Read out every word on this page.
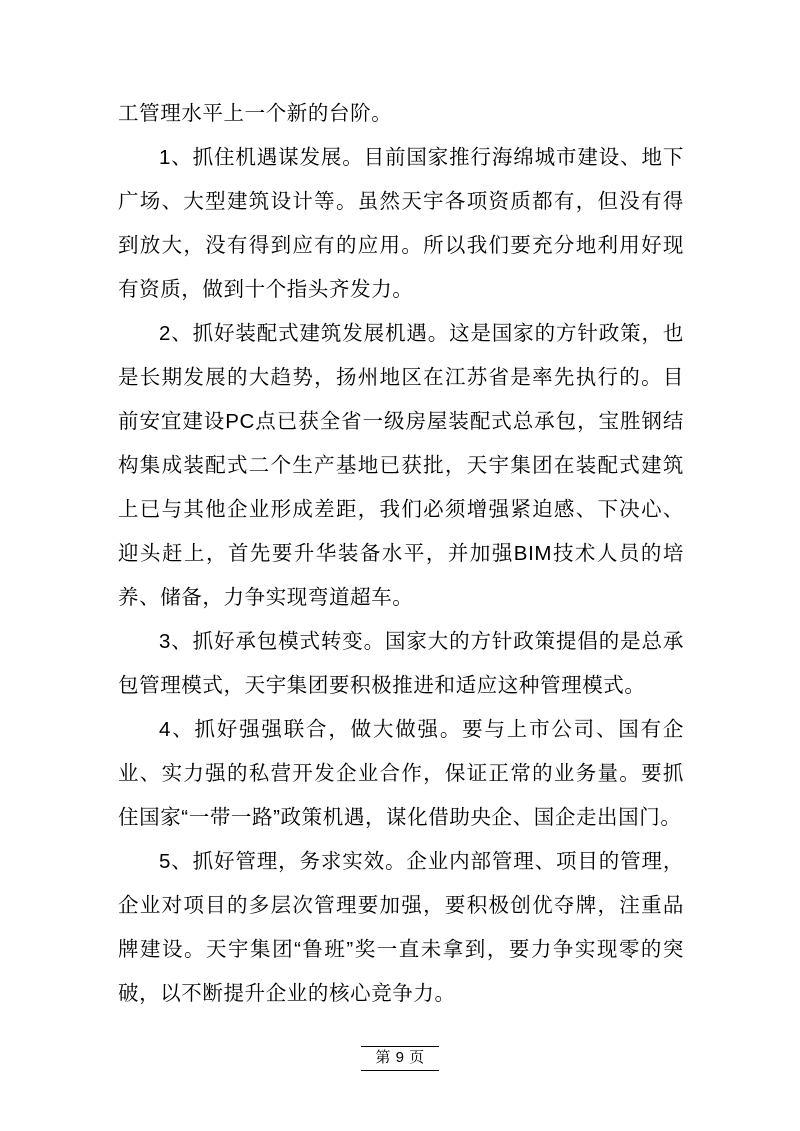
工管理水平上一个新的台阶。

1、抓住机遇谋发展。目前国家推行海绵城市建设、地下广场、大型建筑设计等。虽然天宇各项资质都有，但没有得到放大，没有得到应有的应用。所以我们要充分地利用好现有资质，做到十个指头齐发力。

2、抓好装配式建筑发展机遇。这是国家的方针政策，也是长期发展的大趋势，扬州地区在江苏省是率先执行的。目前安宜建设PC点已获全省一级房屋装配式总承包，宝胜钢结构集成装配式二个生产基地已获批，天宇集团在装配式建筑上已与其他企业形成差距，我们必须增强紧迫感、下决心、迎头赶上，首先要升华装备水平，并加强BIM技术人员的培养、储备，力争实现弯道超车。

3、抓好承包模式转变。国家大的方针政策提倡的是总承包管理模式，天宇集团要积极推进和适应这种管理模式。

4、抓好强强联合，做大做强。要与上市公司、国有企业、实力强的私营开发企业合作，保证正常的业务量。要抓住国家“一带一路”政策机遇，谋化借助央企、国企走出国门。

5、抓好管理，务求实效。企业内部管理、项目的管理，企业对项目的多层次管理要加强，要积极创优夺牌，注重品牌建设。天宇集团“鲁班”奖一直未拿到，要力争实现零的突破，以不断提升企业的核心竞争力。

第 9 页
